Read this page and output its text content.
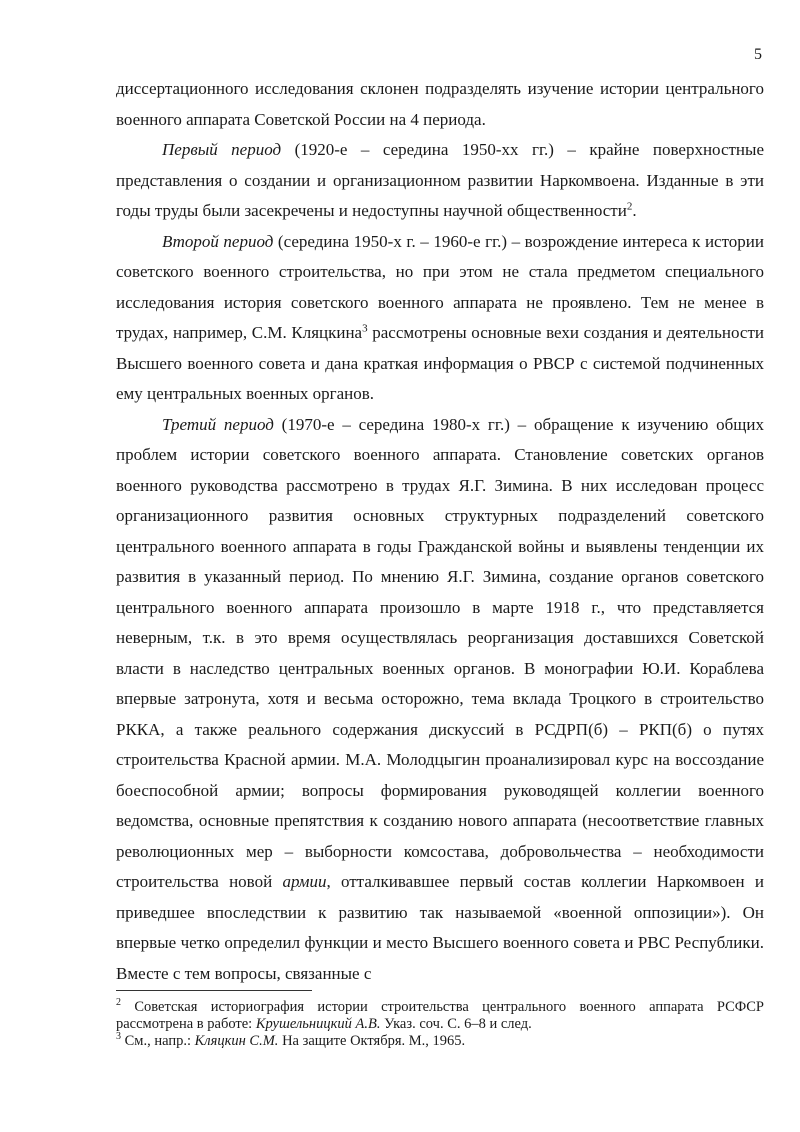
5

диссертационного исследования склонен подразделять изучение истории центрального военного аппарата Советской России на 4 периода.

Первый период (1920-е – середина 1950-хх гг.) – крайне поверхностные представления о создании и организационном развитии Наркомвоена. Изданные в эти годы труды были засекречены и недоступны научной общественности$^2$.

Второй период (середина 1950-х г. – 1960-е гг.) – возрождение интереса к истории советского военного строительства, но при этом не стала предметом специального исследования история советского военного аппарата не проявлено. Тем не менее в трудах, например, С.М. Кляцкина$^3$ рассмотрены основные вехи создания и деятельности Высшего военного совета и дана краткая информация о РВСР с системой подчиненных ему центральных военных органов.

Третий период (1970-е – середина 1980-х гг.) – обращение к изучению общих проблем истории советского военного аппарата. Становление советских органов военного руководства рассмотрено в трудах Я.Г. Зимина. В них исследован процесс организационного развития основных структурных подразделений советского центрального военного аппарата в годы Гражданской войны и выявлены тенденции их развития в указанный период. По мнению Я.Г. Зимина, создание органов советского центрального военного аппарата произошло в марте 1918 г., что представляется неверным, т.к. в это время осуществлялась реорганизация доставшихся Советской власти в наследство центральных военных органов. В монографии Ю.И. Кораблева впервые затронута, хотя и весьма осторожно, тема вклада Троцкого в строительство РККА, а также реального содержания дискуссий в РСДРП(б) – РКП(б) о путях строительства Красной армии. М.А. Молодцыгин проанализировал курс на воссоздание боеспособной армии; вопросы формирования руководящей коллегии военного ведомства, основные препятствия к созданию нового аппарата (несоответствие главных революционных мер – выборности комсостава, добровольчества – необходимости строительства новой армии, отталкивавшее первый состав коллегии Наркомвоен и приведшее впоследствии к развитию так называемой «военной оппозиции»). Он впервые четко определил функции и место Высшего военного совета и РВС Республики. Вместе с тем вопросы, связанные с

$^2$ Советская историография истории строительства центрального военного аппарата РСФСР рассмотрена в работе: Крушельницкий А.В. Указ. соч. С. 6–8 и след.

$^3$ См., напр.: Кляцкин С.М. На защите Октября. М., 1965.
